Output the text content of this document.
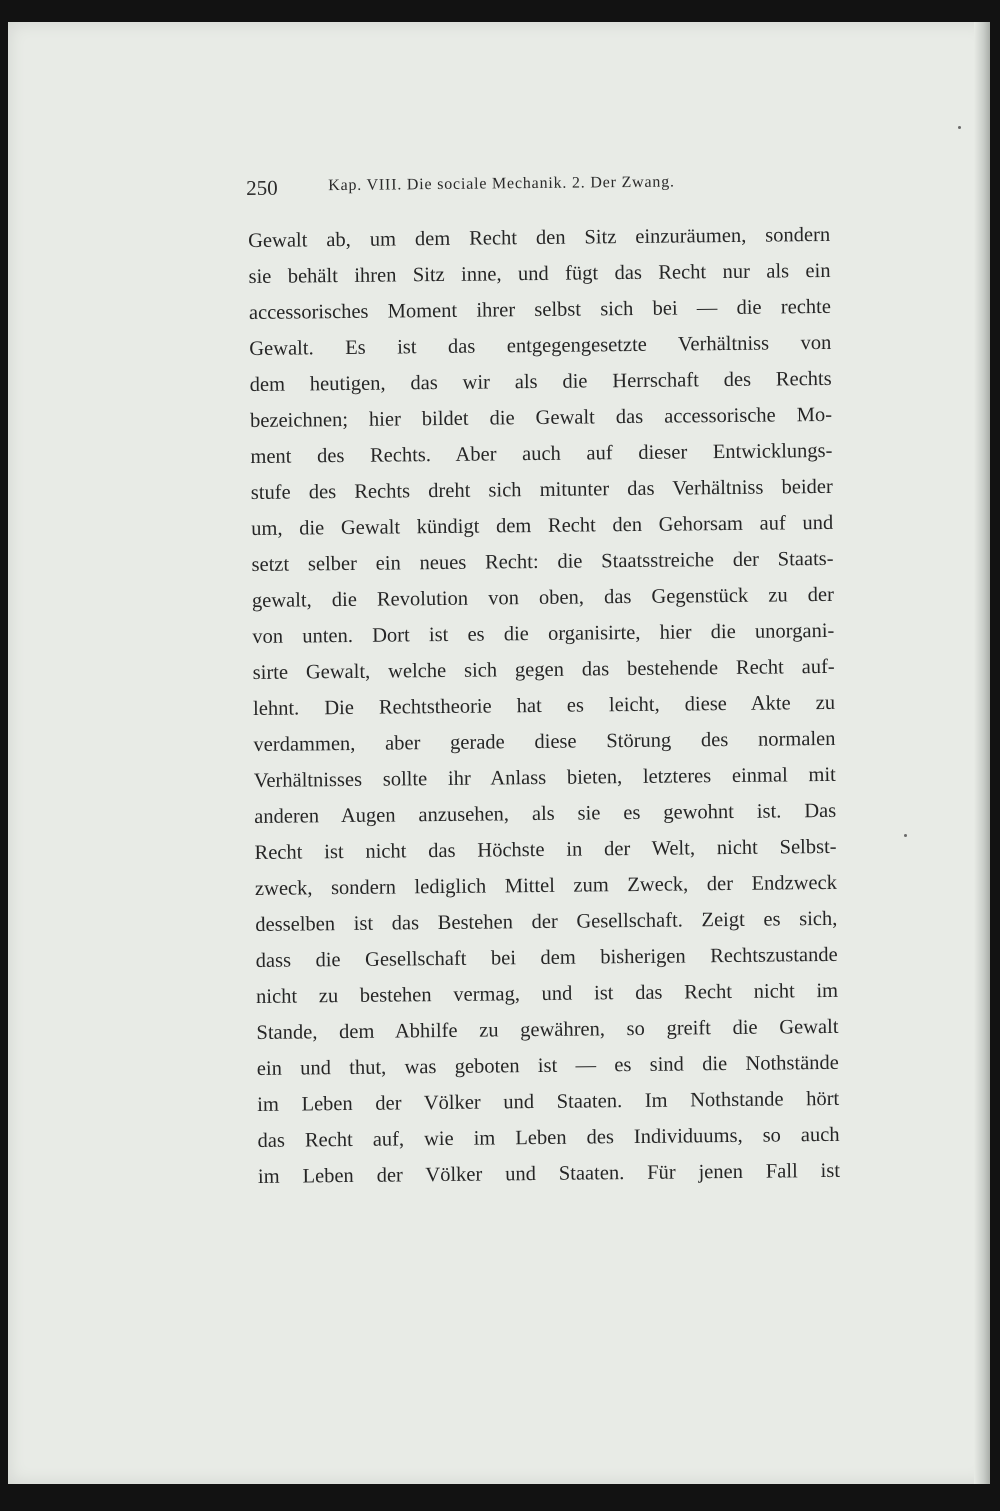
250	Kap. VIII. Die sociale Mechanik. 2. Der Zwang.
Gewalt ab, um dem Recht den Sitz einzuräumen, sondern
sie behält ihren Sitz inne, und fügt das Recht nur als ein
accessorisches Moment ihrer selbst sich bei — die rechte
Gewalt. Es ist das entgegengesetzte Verhältniss von
dem heutigen, das wir als die Herrschaft des Rechts
bezeichnen; hier bildet die Gewalt das accessorische Mo-
ment des Rechts. Aber auch auf dieser Entwicklungs-
stufe des Rechts dreht sich mitunter das Verhältniss beider
um, die Gewalt kündigt dem Recht den Gehorsam auf und
setzt selber ein neues Recht: die Staatsstreiche der Staats-
gewalt, die Revolution von oben, das Gegenstück zu der
von unten. Dort ist es die organisirte, hier die unorgani-
sirte Gewalt, welche sich gegen das bestehende Recht auf-
lehnt. Die Rechtstheorie hat es leicht, diese Akte zu
verdammen, aber gerade diese Störung des normalen
Verhältnisses sollte ihr Anlass bieten, letzteres einmal mit
anderen Augen anzusehen, als sie es gewohnt ist. Das
Recht ist nicht das Höchste in der Welt, nicht Selbst-
zweck, sondern lediglich Mittel zum Zweck, der Endzweck
desselben ist das Bestehen der Gesellschaft. Zeigt es sich,
dass die Gesellschaft bei dem bisherigen Rechtszustande
nicht zu bestehen vermag, und ist das Recht nicht im
Stande, dem Abhilfe zu gewähren, so greift die Gewalt
ein und thut, was geboten ist — es sind die Nothstände
im Leben der Völker und Staaten. Im Nothstande hört
das Recht auf, wie im Leben des Individuums, so auch
im Leben der Völker und Staaten. Für jenen Fall ist
